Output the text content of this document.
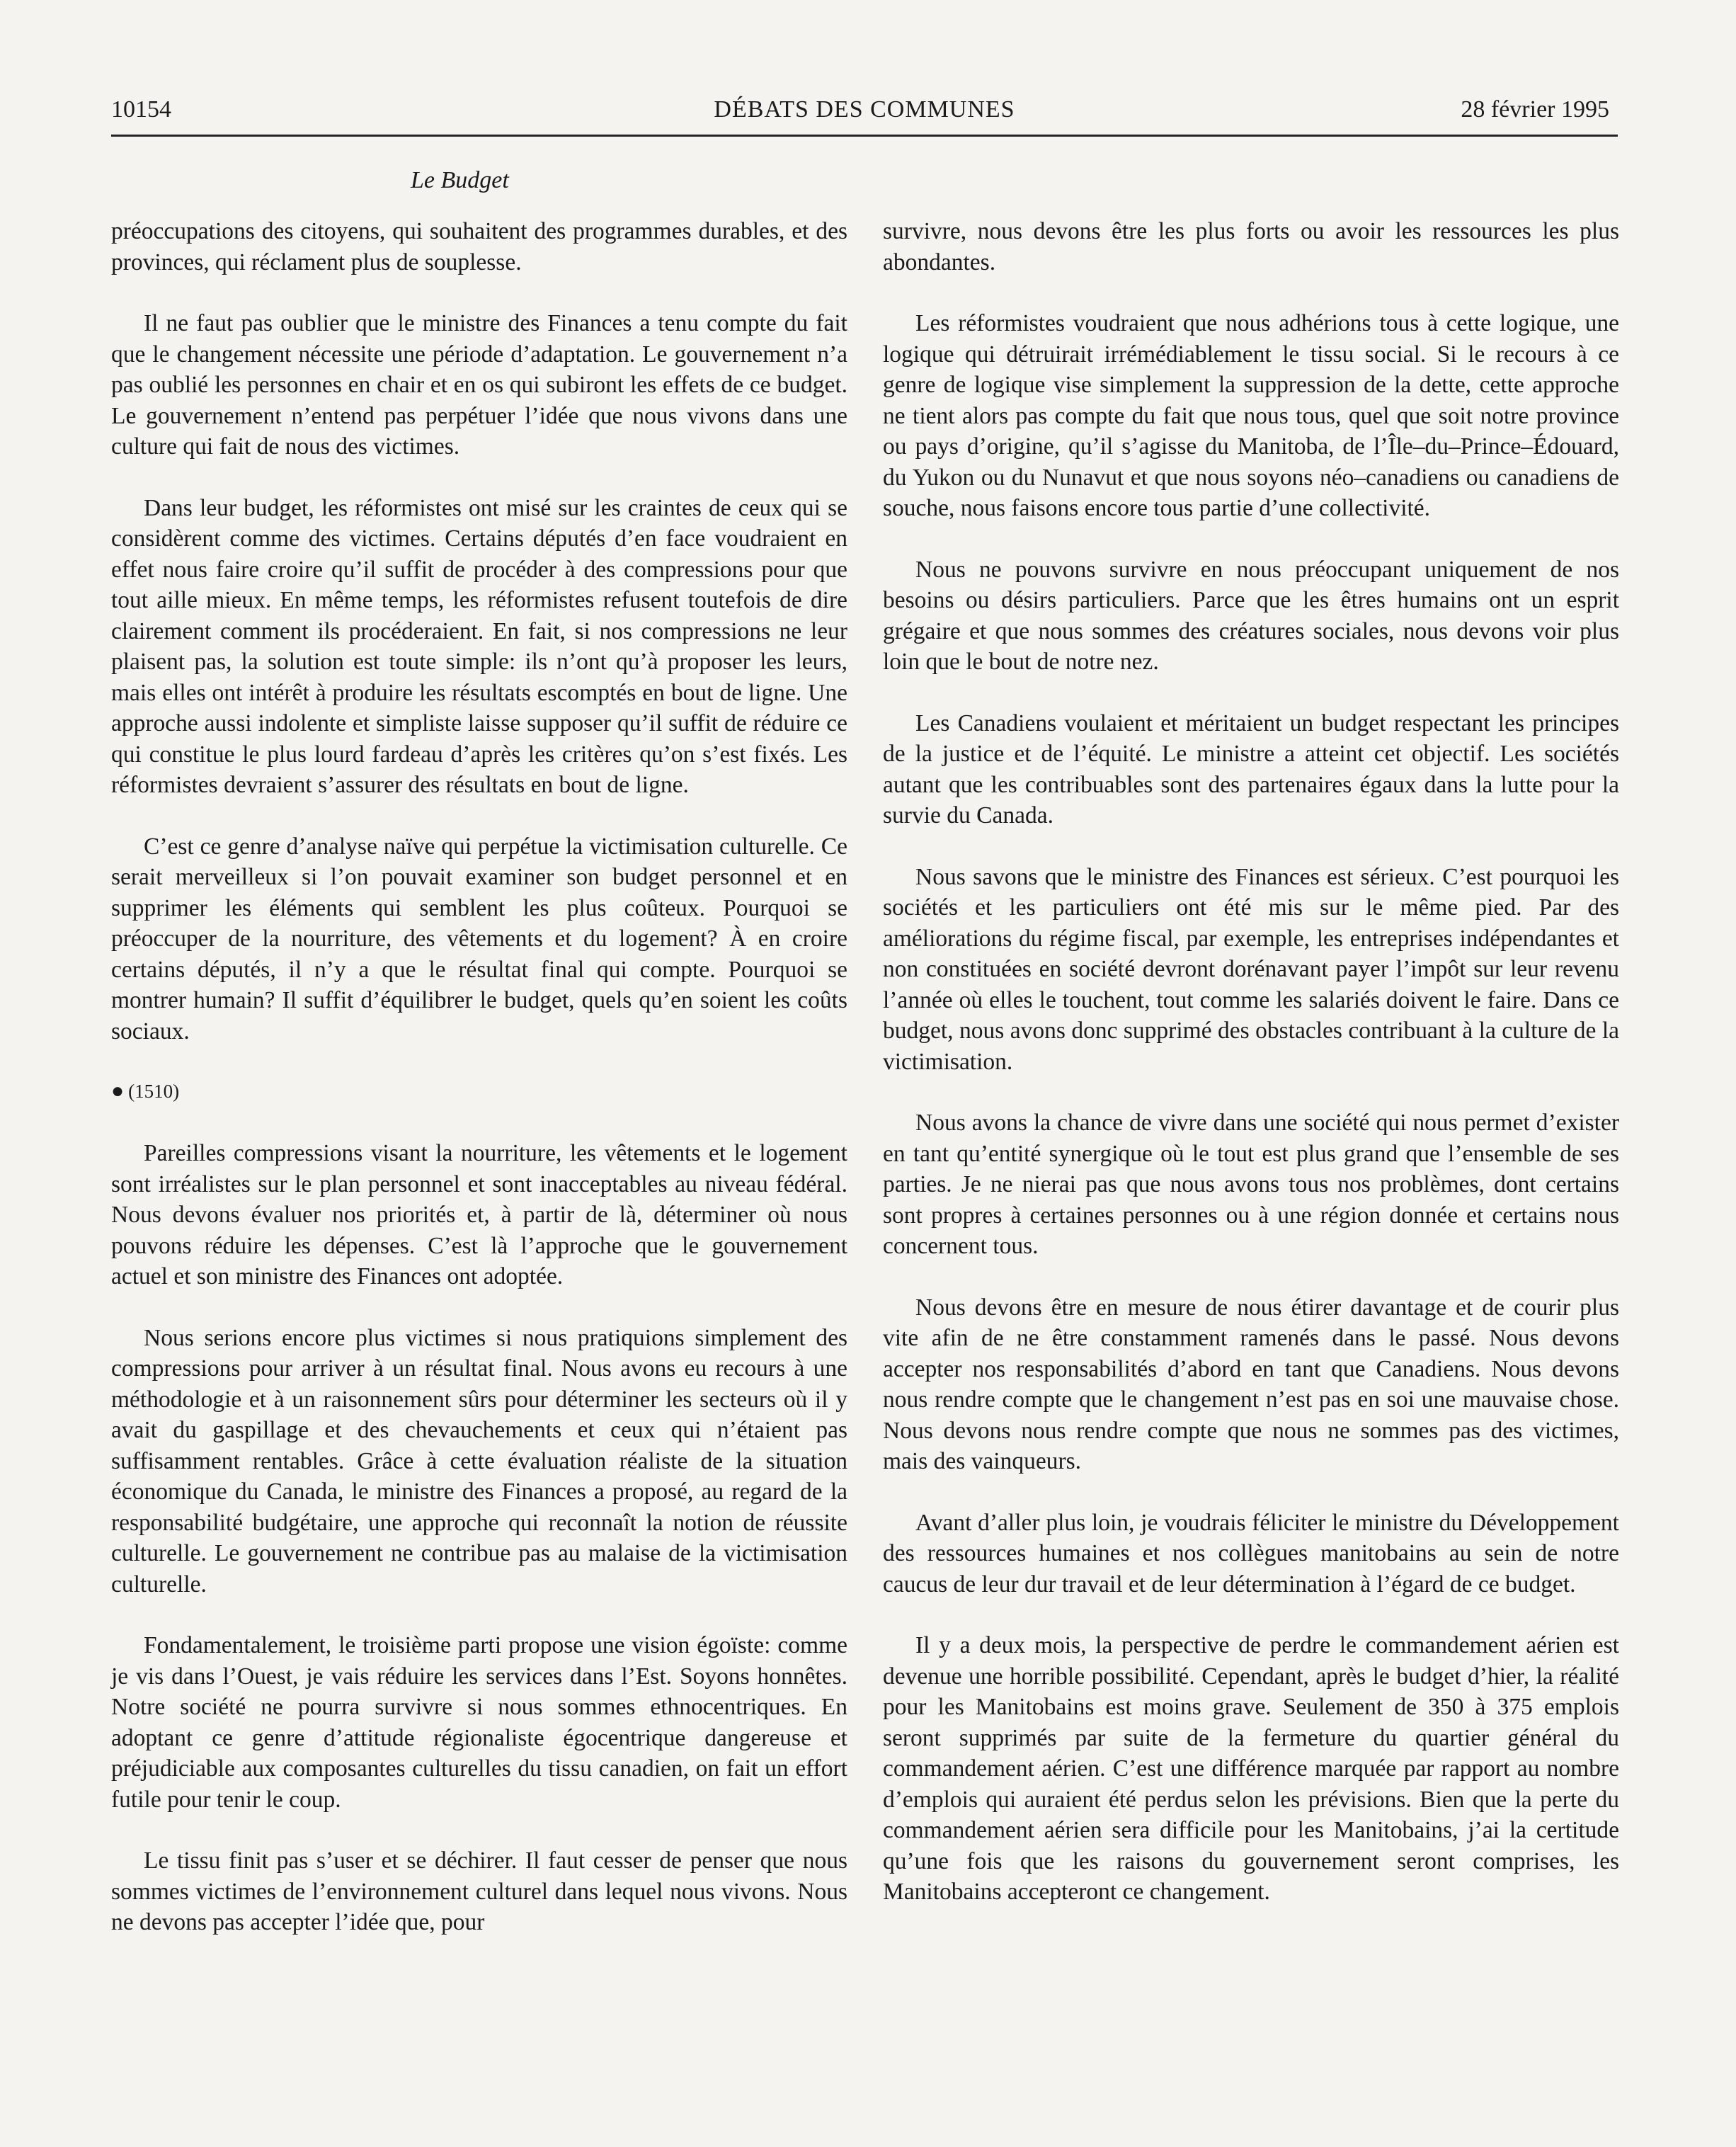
10154	DÉBATS DES COMMUNES	28 février 1995
Le Budget

préoccupations des citoyens, qui souhaitent des programmes durables, et des provinces, qui réclament plus de souplesse.

Il ne faut pas oublier que le ministre des Finances a tenu compte du fait que le changement nécessite une période d’adaptation. Le gouvernement n’a pas oublié les personnes en chair et en os qui subiront les effets de ce budget. Le gouvernement n’entend pas perpétuer l’idée que nous vivons dans une culture qui fait de nous des victimes.

Dans leur budget, les réformistes ont misé sur les craintes de ceux qui se considèrent comme des victimes. Certains députés d’en face voudraient en effet nous faire croire qu’il suffit de procéder à des compressions pour que tout aille mieux. En même temps, les réformistes refusent toutefois de dire clairement comment ils procéderaient. En fait, si nos compressions ne leur plaisent pas, la solution est toute simple: ils n’ont qu’à proposer les leurs, mais elles ont intérêt à produire les résultats escomptés en bout de ligne. Une approche aussi indolente et simpliste laisse supposer qu’il suffit de réduire ce qui constitue le plus lourd fardeau d’après les critères qu’on s’est fixés. Les réformistes devraient s’assurer des résultats en bout de ligne.

C’est ce genre d’analyse naïve qui perpétue la victimisation culturelle. Ce serait merveilleux si l’on pouvait examiner son budget personnel et en supprimer les éléments qui semblent les plus coûteux. Pourquoi se préoccuper de la nourriture, des vêtements et du logement? À en croire certains députés, il n’y a que le résultat final qui compte. Pourquoi se montrer humain? Il suffit d’équilibrer le budget, quels qu’en soient les coûts sociaux.

● (1510)

Pareilles compressions visant la nourriture, les vêtements et le logement sont irréalistes sur le plan personnel et sont inacceptables au niveau fédéral. Nous devons évaluer nos priorités et, à partir de là, déterminer où nous pouvons réduire les dépenses. C’est là l’approche que le gouvernement actuel et son ministre des Finances ont adoptée.

Nous serions encore plus victimes si nous pratiquions simplement des compressions pour arriver à un résultat final. Nous avons eu recours à une méthodologie et à un raisonnement sûrs pour déterminer les secteurs où il y avait du gaspillage et des chevauchements et ceux qui n’étaient pas suffisamment rentables. Grâce à cette évaluation réaliste de la situation économique du Canada, le ministre des Finances a proposé, au regard de la responsabilité budgétaire, une approche qui reconnaît la notion de réussite culturelle. Le gouvernement ne contribue pas au malaise de la victimisation culturelle.

Fondamentalement, le troisième parti propose une vision égoïste: comme je vis dans l’Ouest, je vais réduire les services dans l’Est. Soyons honnêtes. Notre société ne pourra survivre si nous sommes ethnocentriques. En adoptant ce genre d’attitude régionaliste égocentrique dangereuse et préjudiciable aux composantes culturelles du tissu canadien, on fait un effort futile pour tenir le coup.

Le tissu finit pas s’user et se déchirer. Il faut cesser de penser que nous sommes victimes de l’environnement culturel dans lequel nous vivons. Nous ne devons pas accepter l’idée que, pour

survivre, nous devons être les plus forts ou avoir les ressources les plus abondantes.

Les réformistes voudraient que nous adhérions tous à cette logique, une logique qui détruirait irrémédiablement le tissu social. Si le recours à ce genre de logique vise simplement la suppression de la dette, cette approche ne tient alors pas compte du fait que nous tous, quel que soit notre province ou pays d’origine, qu’il s’agisse du Manitoba, de l’Île–du–Prince–Édouard, du Yukon ou du Nunavut et que nous soyons néo–canadiens ou canadiens de souche, nous faisons encore tous partie d’une collectivité.

Nous ne pouvons survivre en nous préoccupant uniquement de nos besoins ou désirs particuliers. Parce que les êtres humains ont un esprit grégaire et que nous sommes des créatures sociales, nous devons voir plus loin que le bout de notre nez.

Les Canadiens voulaient et méritaient un budget respectant les principes de la justice et de l’équité. Le ministre a atteint cet objectif. Les sociétés autant que les contribuables sont des partenaires égaux dans la lutte pour la survie du Canada.

Nous savons que le ministre des Finances est sérieux. C’est pourquoi les sociétés et les particuliers ont été mis sur le même pied. Par des améliorations du régime fiscal, par exemple, les entreprises indépendantes et non constituées en société devront dorénavant payer l’impôt sur leur revenu l’année où elles le touchent, tout comme les salariés doivent le faire. Dans ce budget, nous avons donc supprimé des obstacles contribuant à la culture de la victimisation.

Nous avons la chance de vivre dans une société qui nous permet d’exister en tant qu’entité synergique où le tout est plus grand que l’ensemble de ses parties. Je ne nierai pas que nous avons tous nos problèmes, dont certains sont propres à certaines personnes ou à une région donnée et certains nous concernent tous.

Nous devons être en mesure de nous étirer davantage et de courir plus vite afin de ne être constamment ramenés dans le passé. Nous devons accepter nos responsabilités d’abord en tant que Canadiens. Nous devons nous rendre compte que le changement n’est pas en soi une mauvaise chose. Nous devons nous rendre compte que nous ne sommes pas des victimes, mais des vainqueurs.

Avant d’aller plus loin, je voudrais féliciter le ministre du Développement des ressources humaines et nos collègues manitobains au sein de notre caucus de leur dur travail et de leur détermination à l’égard de ce budget.

Il y a deux mois, la perspective de perdre le commandement aérien est devenue une horrible possibilité. Cependant, après le budget d’hier, la réalité pour les Manitobains est moins grave. Seulement de 350 à 375 emplois seront supprimés par suite de la fermeture du quartier général du commandement aérien. C’est une différence marquée par rapport au nombre d’emplois qui auraient été perdus selon les prévisions. Bien que la perte du commandement aérien sera difficile pour les Manitobains, j’ai la certitude qu’une fois que les raisons du gouvernement seront comprises, les Manitobains accepteront ce changement.
